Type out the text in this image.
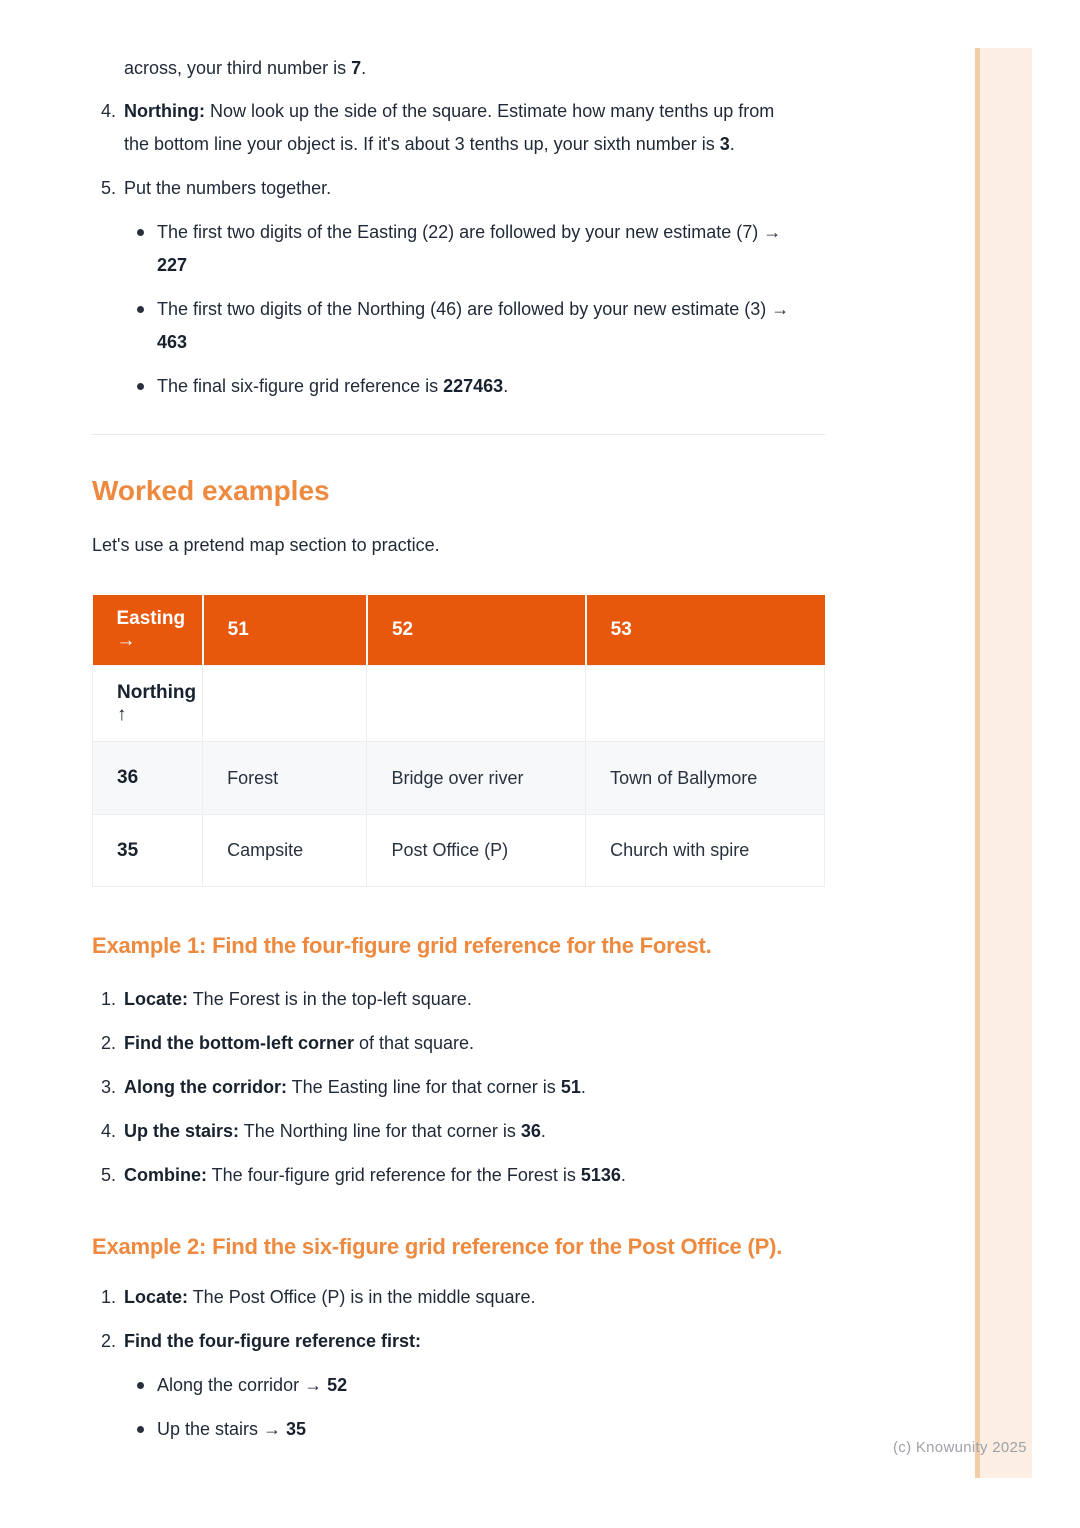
across, your third number is 7.
4. Northing: Now look up the side of the square. Estimate how many tenths up from the bottom line your object is. If it's about 3 tenths up, your sixth number is 3.
5. Put the numbers together.
The first two digits of the Easting (22) are followed by your new estimate (7) → 227
The first two digits of the Northing (46) are followed by your new estimate (3) → 463
The final six-figure grid reference is 227463.
Worked examples

Let's use a pretend map section to practice.

Easting →	51	52	53
Northing ↑			
36	Forest	Bridge over river	Town of Ballymore
35	Campsite	Post Office (P)	Church with spire
Example 1: Find the four-figure grid reference for the Forest.
1. Locate: The Forest is in the top-left square.
2. Find the bottom-left corner of that square.
3. Along the corridor: The Easting line for that corner is 51.
4. Up the stairs: The Northing line for that corner is 36.
5. Combine: The four-figure grid reference for the Forest is 5136.
Example 2: Find the six-figure grid reference for the Post Office (P).
1. Locate: The Post Office (P) is in the middle square.
2. Find the four-figure reference first:
Along the corridor → 52
Up the stairs → 35
(c) Knowunity 2025
